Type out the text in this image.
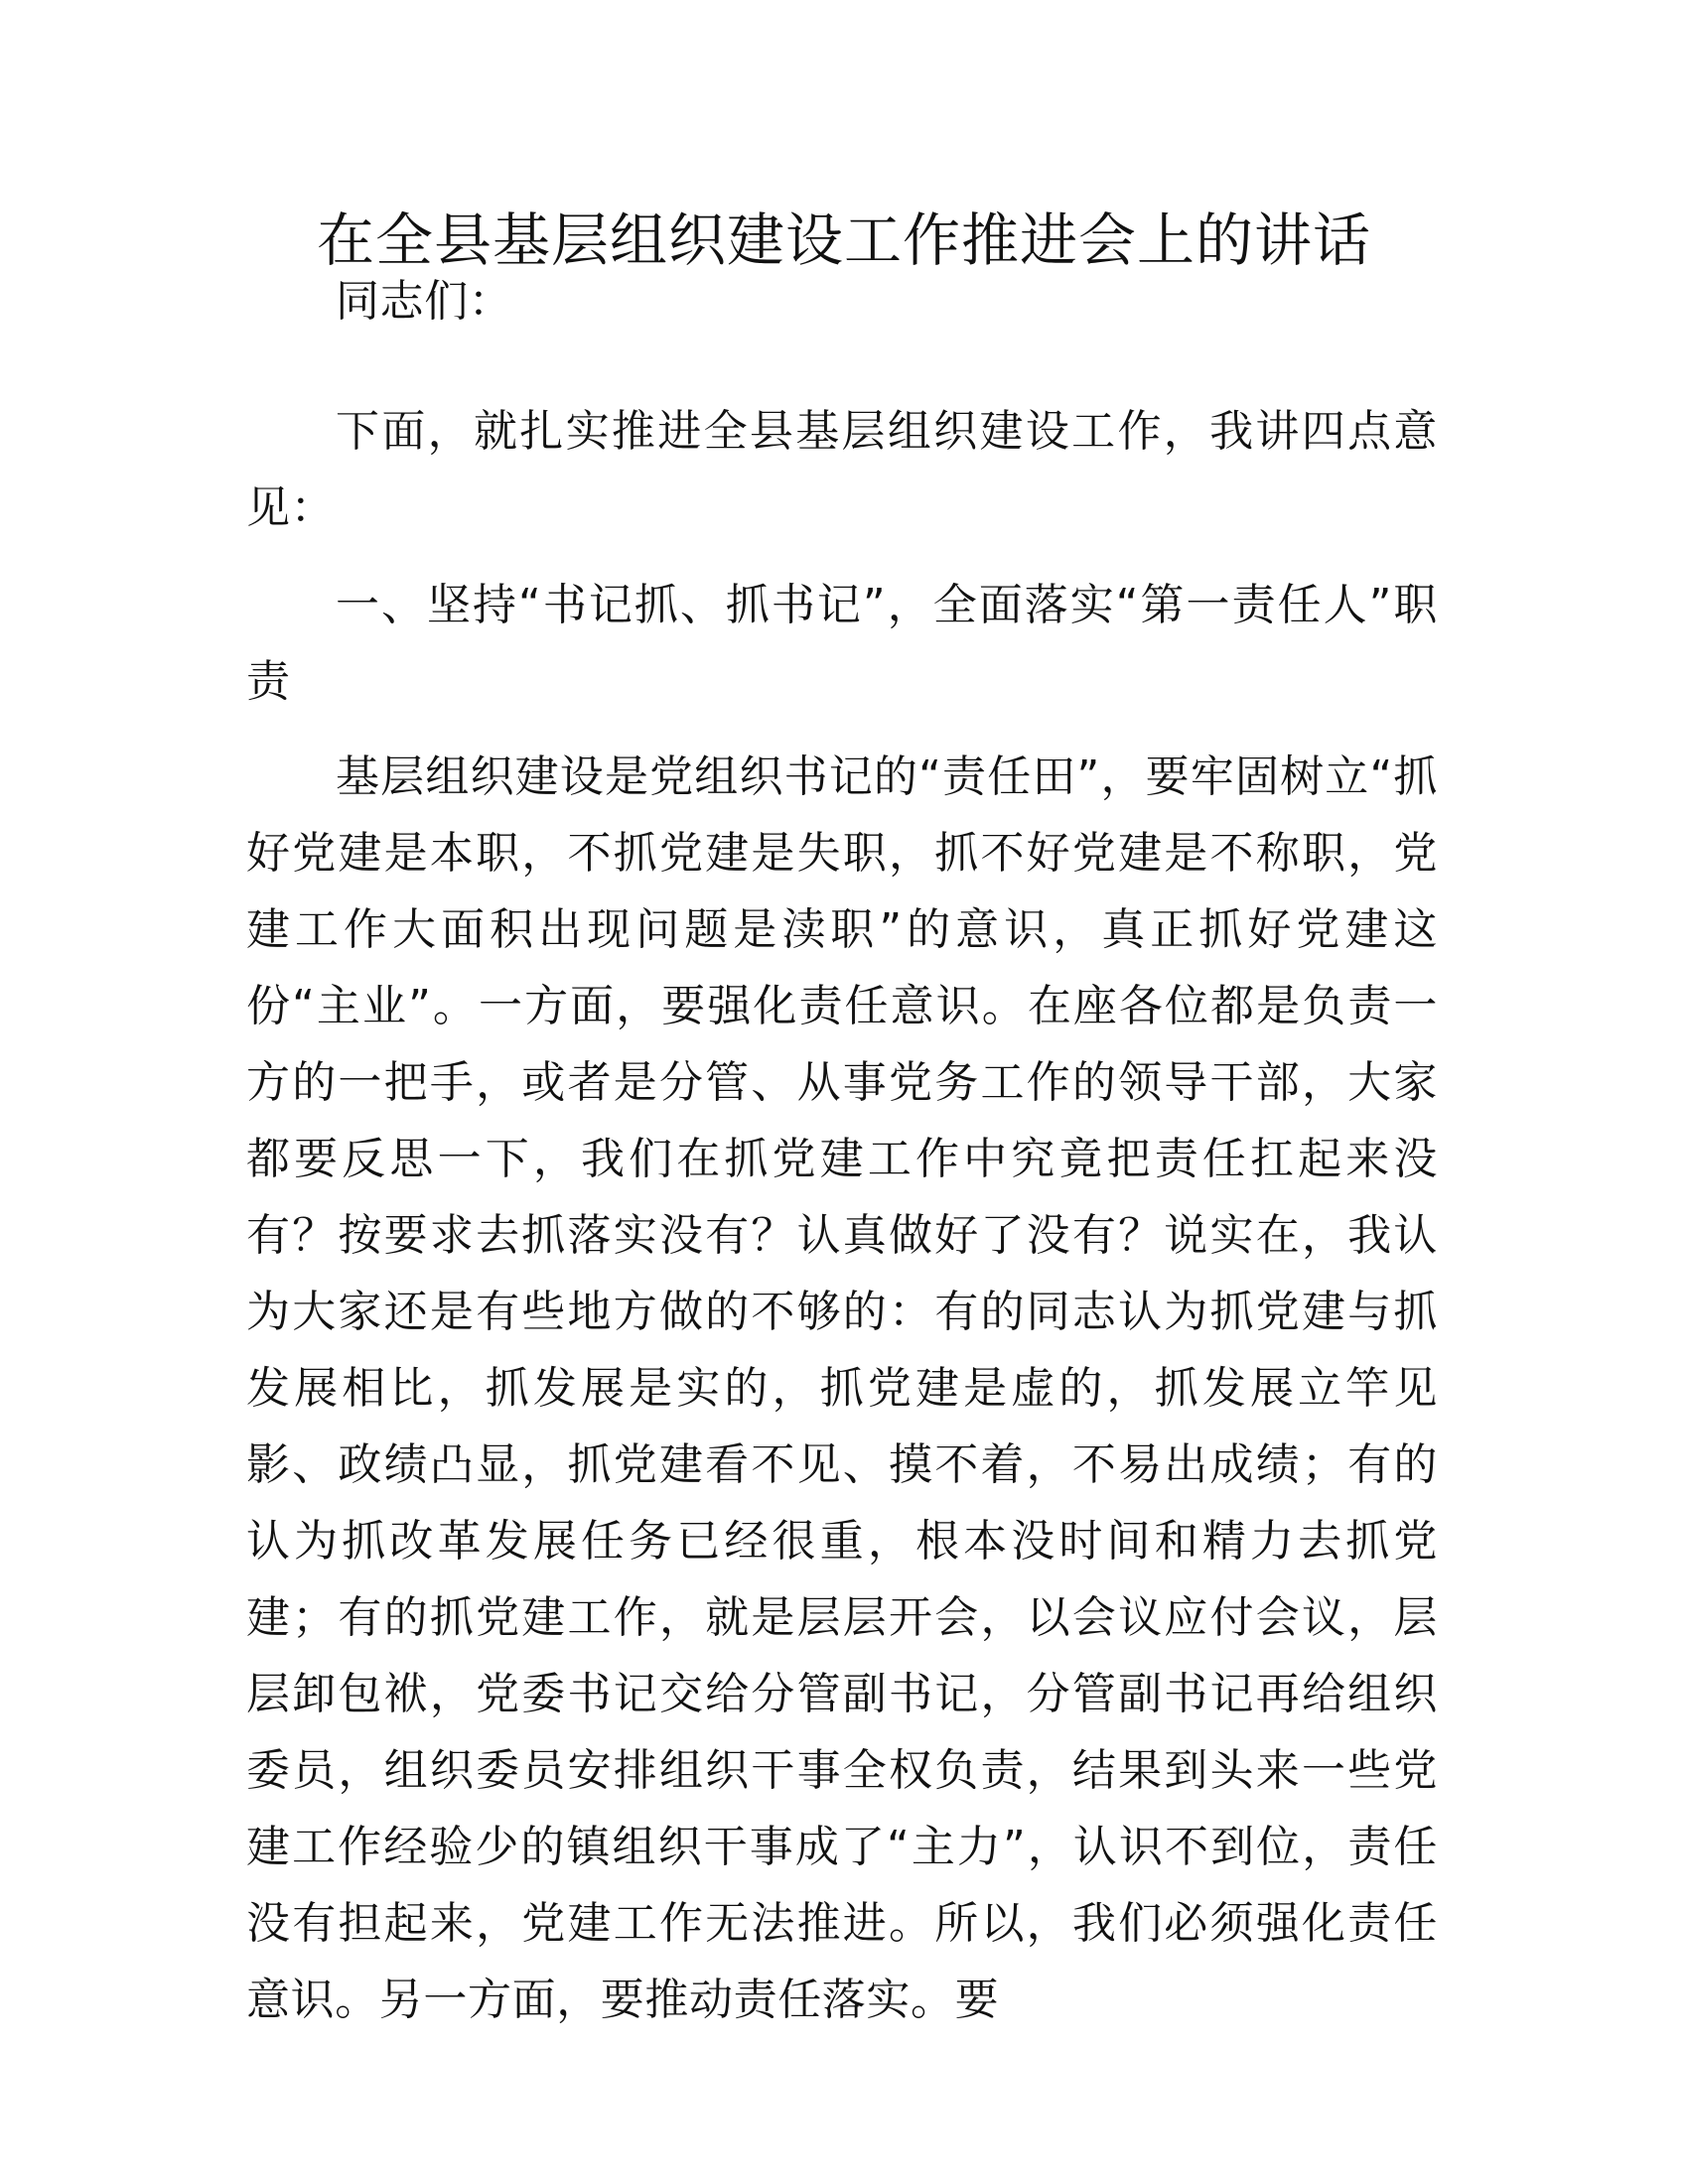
在全县基层组织建设工作推进会上的讲话

同志们：

下面，就扎实推进全县基层组织建设工作，我讲四点意见：

一、坚持“书记抓、抓书记”，全面落实“第一责任人”职责

基层组织建设是党组织书记的“责任田”，要牢固树立“抓好党建是本职，不抓党建是失职，抓不好党建是不称职，党建工作大面积出现问题是渎职”的意识，真正抓好党建这份“主业”。一方面，要强化责任意识。在座各位都是负责一方的一把手，或者是分管、从事党务工作的领导干部，大家都要反思一下，我们在抓党建工作中究竟把责任扛起来没有？按要求去抓落实没有？认真做好了没有？说实在，我认为大家还是有些地方做的不够的：有的同志认为抓党建与抓发展相比，抓发展是实的，抓党建是虚的，抓发展立竿见影、政绩凸显，抓党建看不见、摸不着，不易出成绩；有的认为抓改革发展任务已经很重，根本没时间和精力去抓党建；有的抓党建工作，就是层层开会，以会议应付会议，层层卸包袱，党委书记交给分管副书记，分管副书记再给组织委员，组织委员安排组织干事全权负责，结果到头来一些党建工作经验少的镇组织干事成了“主力”，认识不到位，责任没有担起来，党建工作无法推进。所以，我们必须强化责任意识。另一方面，要推动责任落实。要
